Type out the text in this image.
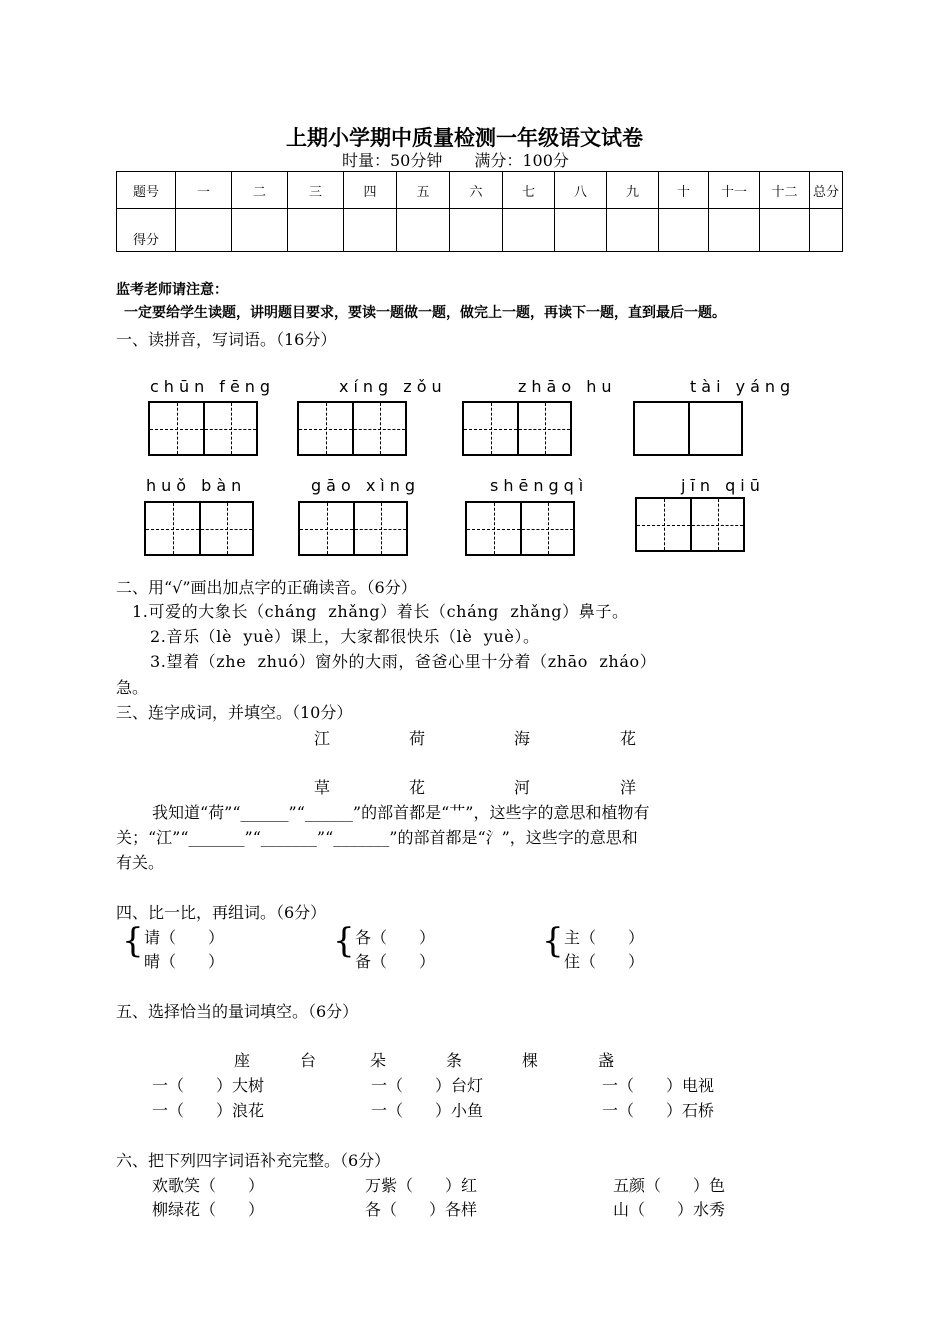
上期小学期中质量检测一年级语文试卷
时量：50分钟　　满分：100分
题号	一	二	三	四	五	六	七	八	九	十	十一	十二	总分
得分													
监考老师请注意：
一定要给学生读题，讲明题目要求，要读一题做一题，做完上一题，再读下一题，直到最后一题。
一、读拼音，写词语。（16分）
chūn fēng	xíng zǒu	zhāo hu	tài yáng
huǒ bàn	gāo xìng	shēngqì	jīn qiū
二、用“√”画出加点字的正确读音。（6分）
1.可爱的大象长（cháng  zhǎng）着长（cháng  zhǎng）鼻子。
2.音乐（lè  yuè）课上，大家都很快乐（lè  yuè）。
3.望着（zhe  zhuó）窗外的大雨，爸爸心里十分着（zhāo  zháo）
急。
三、连字成词，并填空。（10分）
江	荷	海	花
草	花	河	洋
我知道“荷”“______”“______”的部首都是“艹”，这些字的意思和植物有
关；“江”“_______”“_______”“_______”的部首都是“氵”，这些字的意思和
有关。
四、比一比，再组词。（6分）
{ 请（　　）
晴（　　）
{ 各（　　）
备（　　）
{ 主（　　）
住（　　）
五、选择恰当的量词填空。（6分）
座	台	朵	条	棵	盏
一（　　）大树	一（　　）台灯	一（　　）电视
一（　　）浪花	一（　　）小鱼	一（　　）石桥
六、把下列四字词语补充完整。（6分）
欢歌笑（　　）	万紫（　　）红	五颜（　　）色
柳绿花（　　）	各（　　）各样	山（　　）水秀
